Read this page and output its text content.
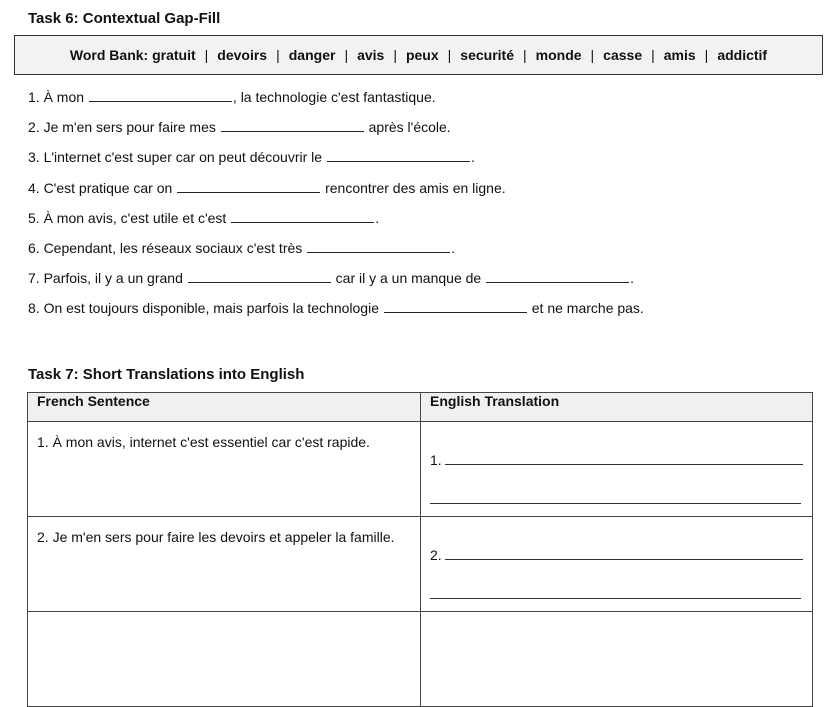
Task 6: Contextual Gap-Fill
Word Bank:
gratuit | devoirs | danger | avis | peux | securité | monde | casse | amis | addictif
1. À mon	, la technologie c'est fantastique.
2. Je m'en sers pour faire mes	après l'école.
3. L'internet c'est super car on peut découvrir le	.
4. C'est pratique car on	rencontrer des amis en ligne.
5. À mon avis, c'est utile et c'est	.
6. Cependant, les réseaux sociaux c'est très	.
7. Parfois, il y a un grand	car il y a un manque de	.
8. On est toujours disponible, mais parfois la technologie	et ne marche pas.
Task 7: Short Translations into English
French Sentence	English Translation
1. À mon avis, internet c'est essentiel car c'est rapide.	1.

2. Je m'en sers pour faire les devoirs et appeler la famille.	2.
